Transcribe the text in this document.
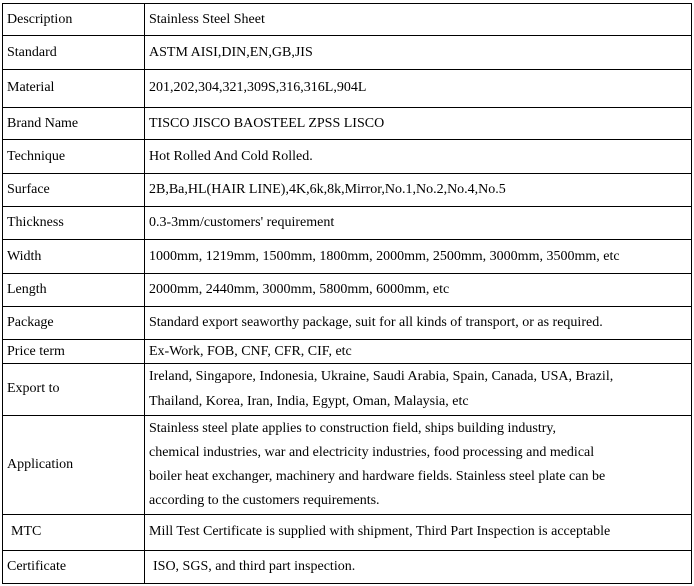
Description	Stainless Steel Sheet
Standard	ASTM AISI,DIN,EN,GB,JIS
Material	201,202,304,321,309S,316,316L,904L
Brand Name	TISCO JISCO BAOSTEEL ZPSS LISCO
Technique	Hot Rolled And Cold Rolled.
Surface	2B,Ba,HL(HAIR LINE),4K,6k,8k,Mirror,No.1,No.2,No.4,No.5
Thickness	0.3-3mm/customers' requirement
Width	1000mm, 1219mm, 1500mm, 1800mm, 2000mm, 2500mm, 3000mm, 3500mm, etc
Length	2000mm, 2440mm, 3000mm, 5800mm, 6000mm, etc
Package	Standard export seaworthy package, suit for all kinds of transport, or as required.
Price term	Ex-Work, FOB, CNF, CFR, CIF, etc
Export to	Ireland, Singapore, Indonesia, Ukraine, Saudi Arabia, Spain, Canada, USA, Brazil,
Thailand, Korea, Iran, India, Egypt, Oman, Malaysia, etc

Application	Stainless steel plate applies to construction field, ships building industry,
chemical industries, war and electricity industries, food processing and medical
boiler heat exchanger, machinery and hardware fields. Stainless steel plate can be
according to the customers requirements.

MTC	Mill Test Certificate is supplied with shipment, Third Part Inspection is acceptable
Certificate	ISO, SGS, and third part inspection.
